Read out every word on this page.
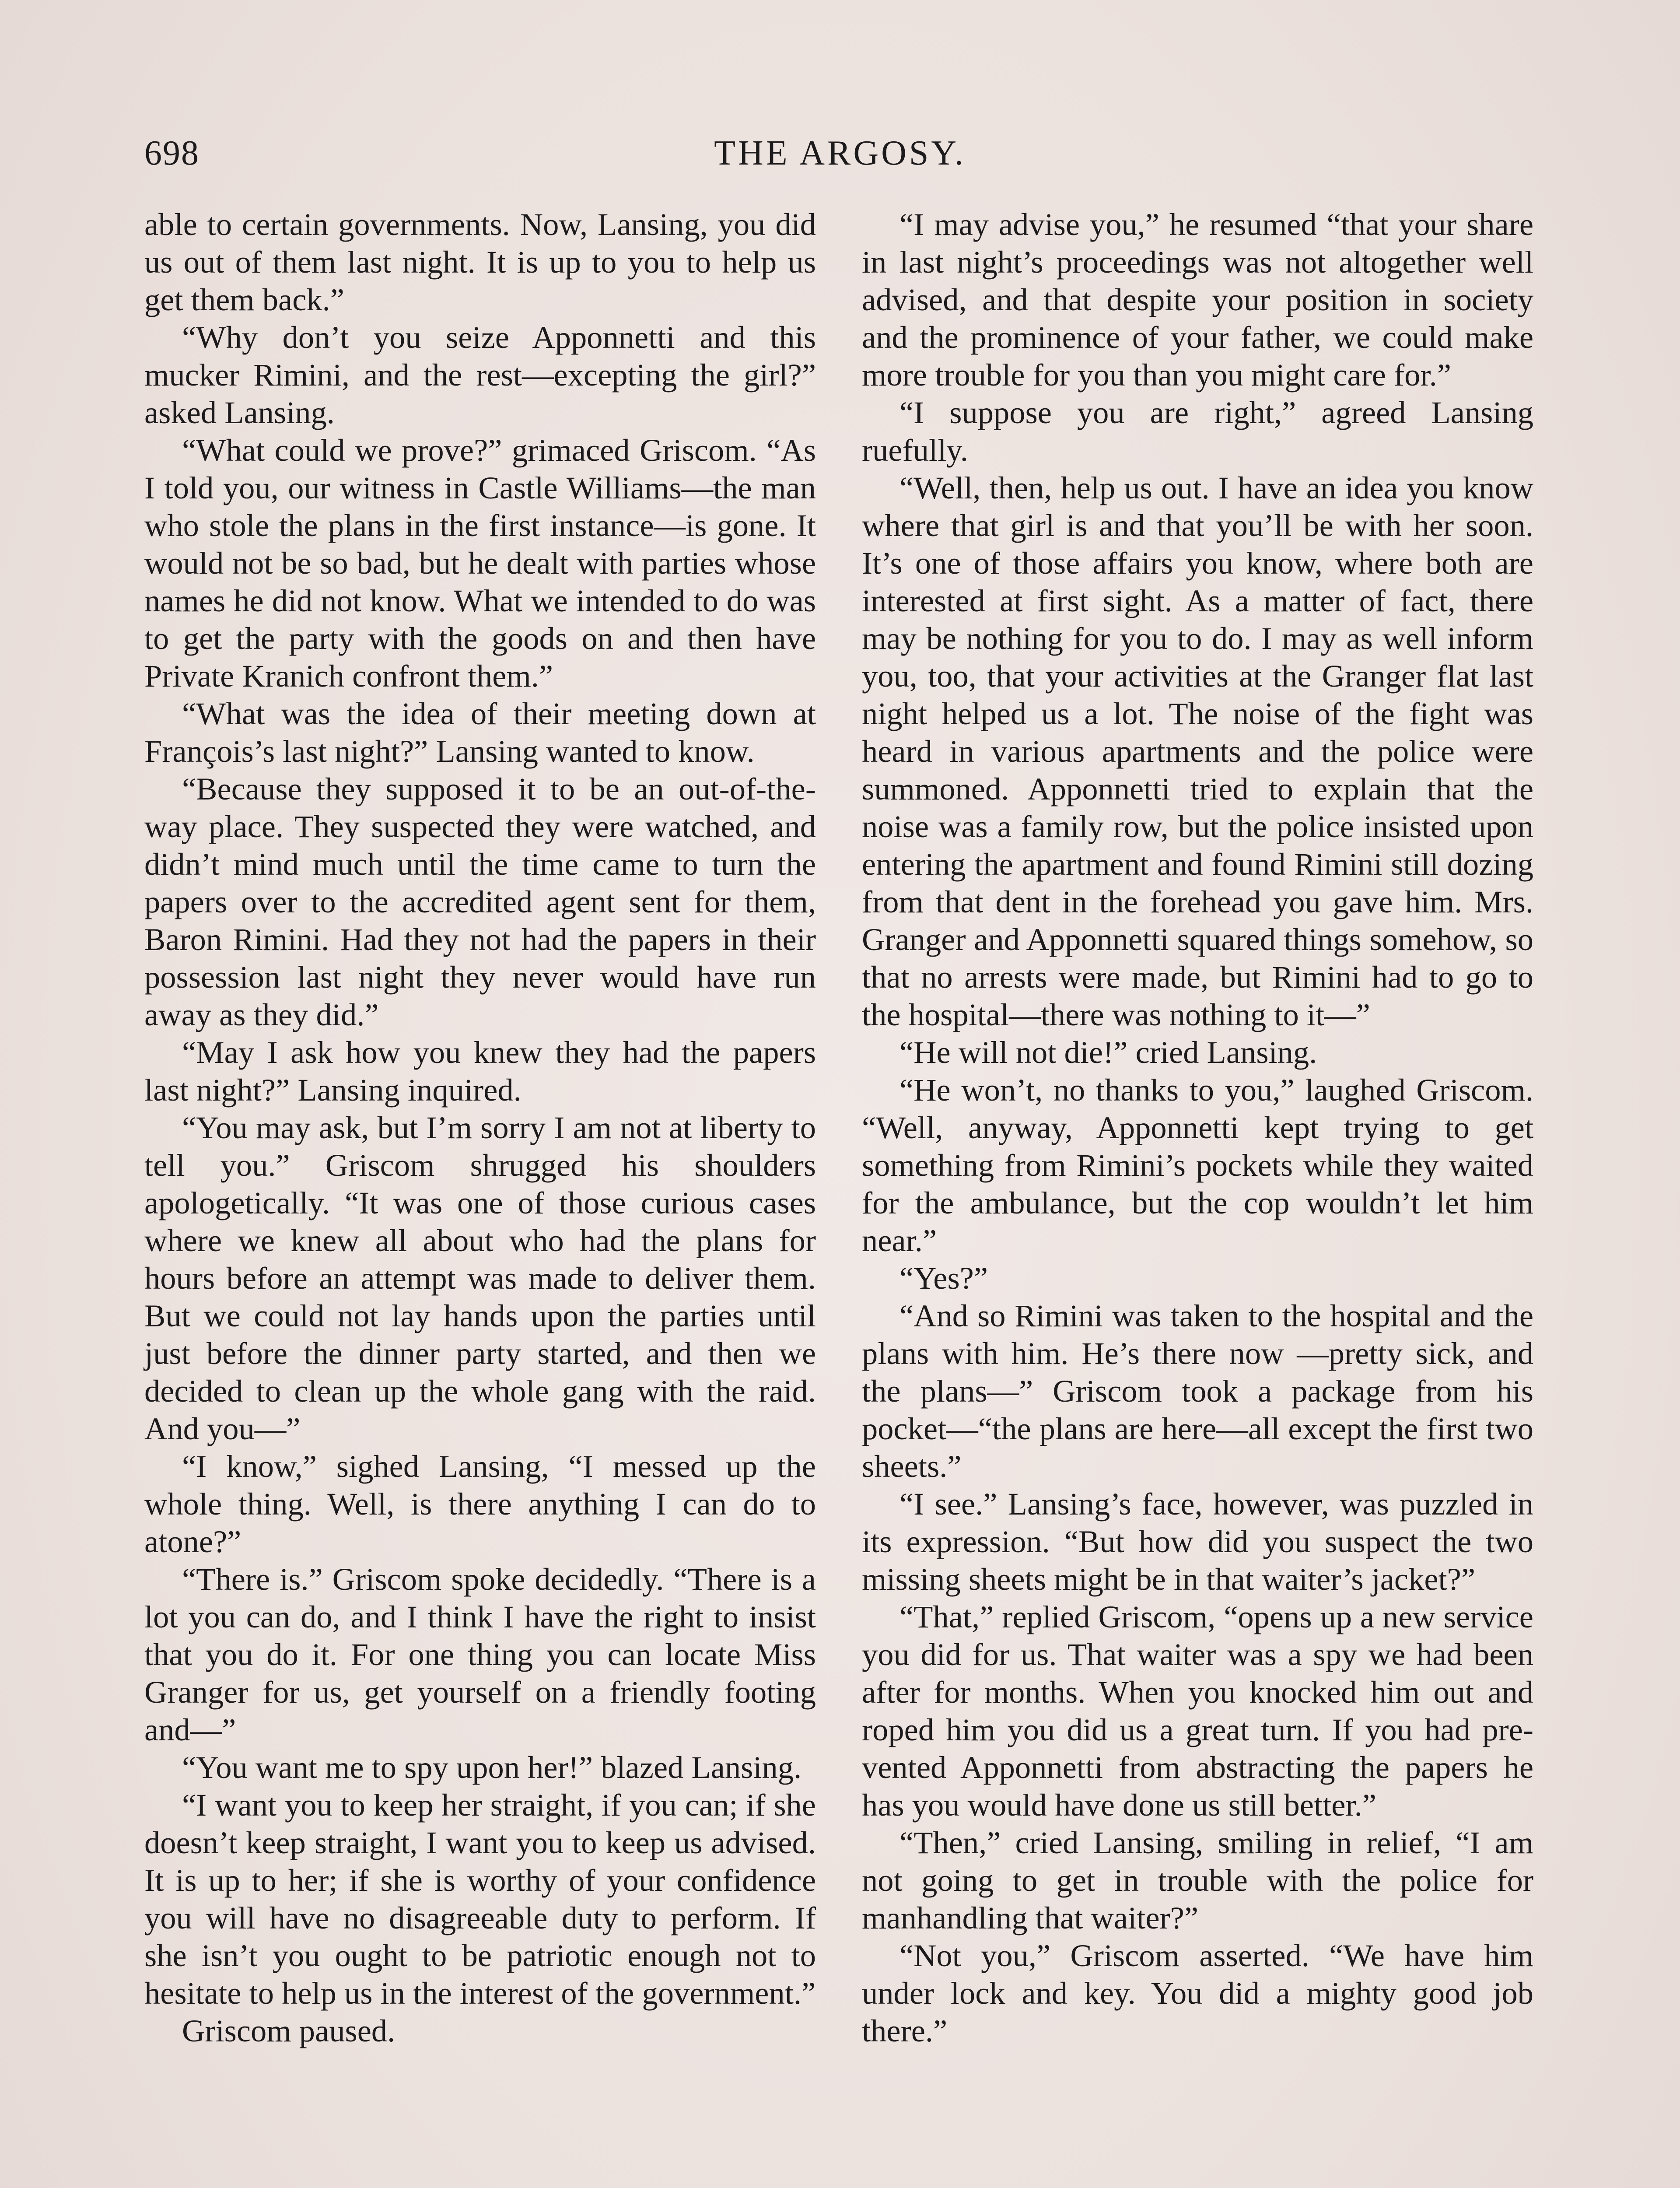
698	THE ARGOSY.

able to certain governments. Now, Lansing, you did us out of them last night. It is up to you to help us get them back.”

“Why don’t you seize Apponnetti and this mucker Rimini, and the rest—excepting the girl?” asked Lansing.

“What could we prove?” grimaced Griscom. “As I told you, our witness in Castle Williams—the man who stole the plans in the first instance—is gone. It would not be so bad, but he dealt with parties whose names he did not know. What we intended to do was to get the party with the goods on and then have Private Kranich confront them.”

“What was the idea of their meeting down at François’s last night?” Lansing wanted to know.

“Because they supposed it to be an out-of-the-way place. They suspected they were watched, and didn’t mind much until the time came to turn the papers over to the accredited agent sent for them, Baron Rimini. Had they not had the papers in their possession last night they never would have run away as they did.”

“May I ask how you knew they had the papers last night?” Lansing inquired.

“You may ask, but I’m sorry I am not at liberty to tell you.” Griscom shrugged his shoulders apologetically. “It was one of those curious cases where we knew all about who had the plans for hours before an attempt was made to deliver them. But we could not lay hands upon the parties until just before the dinner party started, and then we decided to clean up the whole gang with the raid. And you—”

“I know,” sighed Lansing, “I messed up the whole thing. Well, is there anything I can do to atone?”

“There is.” Griscom spoke decidedly. “There is a lot you can do, and I think I have the right to insist that you do it. For one thing you can locate Miss Granger for us, get yourself on a friendly footing and—”

“You want me to spy upon her!” blazed Lansing.

“I want you to keep her straight, if you can; if she doesn’t keep straight, I want you to keep us advised. It is up to her; if she is worthy of your confidence you will have no disagreeable duty to perform. If she isn’t you ought to be patriotic enough not to hesitate to help us in the interest of the government.”

Griscom paused.

“I may advise you,” he resumed “that your share in last night’s proceedings was not altogether well advised, and that despite your position in society and the prominence of your father, we could make more trouble for you than you might care for.”

“I suppose you are right,” agreed Lansing ruefully.

“Well, then, help us out. I have an idea you know where that girl is and that you’ll be with her soon. It’s one of those affairs you know, where both are interested at first sight. As a matter of fact, there may be nothing for you to do. I may as well inform you, too, that your activities at the Granger flat last night helped us a lot. The noise of the fight was heard in various apartments and the police were summoned. Apponnetti tried to explain that the noise was a family row, but the police insisted upon entering the apartment and found Rimini still dozing from that dent in the forehead you gave him. Mrs. Granger and Apponnetti squared things somehow, so that no arrests were made, but Rimini had to go to the hospital—there was nothing to it—”

“He will not die!” cried Lansing.

“He won’t, no thanks to you,” laughed Griscom. “Well, anyway, Apponnetti kept trying to get something from Rimini’s pockets while they waited for the ambulance, but the cop wouldn’t let him near.”

“Yes?”

“And so Rimini was taken to the hospital and the plans with him. He’s there now —pretty sick, and the plans—” Griscom took a package from his pocket—“the plans are here—all except the first two sheets.”

“I see.” Lansing’s face, however, was puzzled in its expression. “But how did you suspect the two missing sheets might be in that waiter’s jacket?”

“That,” replied Griscom, “opens up a new service you did for us. That waiter was a spy we had been after for months. When you knocked him out and roped him you did us a great turn. If you had prevented Apponnetti from abstracting the papers he has you would have done us still better.”

“Then,” cried Lansing, smiling in relief, “I am not going to get in trouble with the police for manhandling that waiter?”

“Not you,” Griscom asserted. “We have him under lock and key. You did a mighty good job there.”
